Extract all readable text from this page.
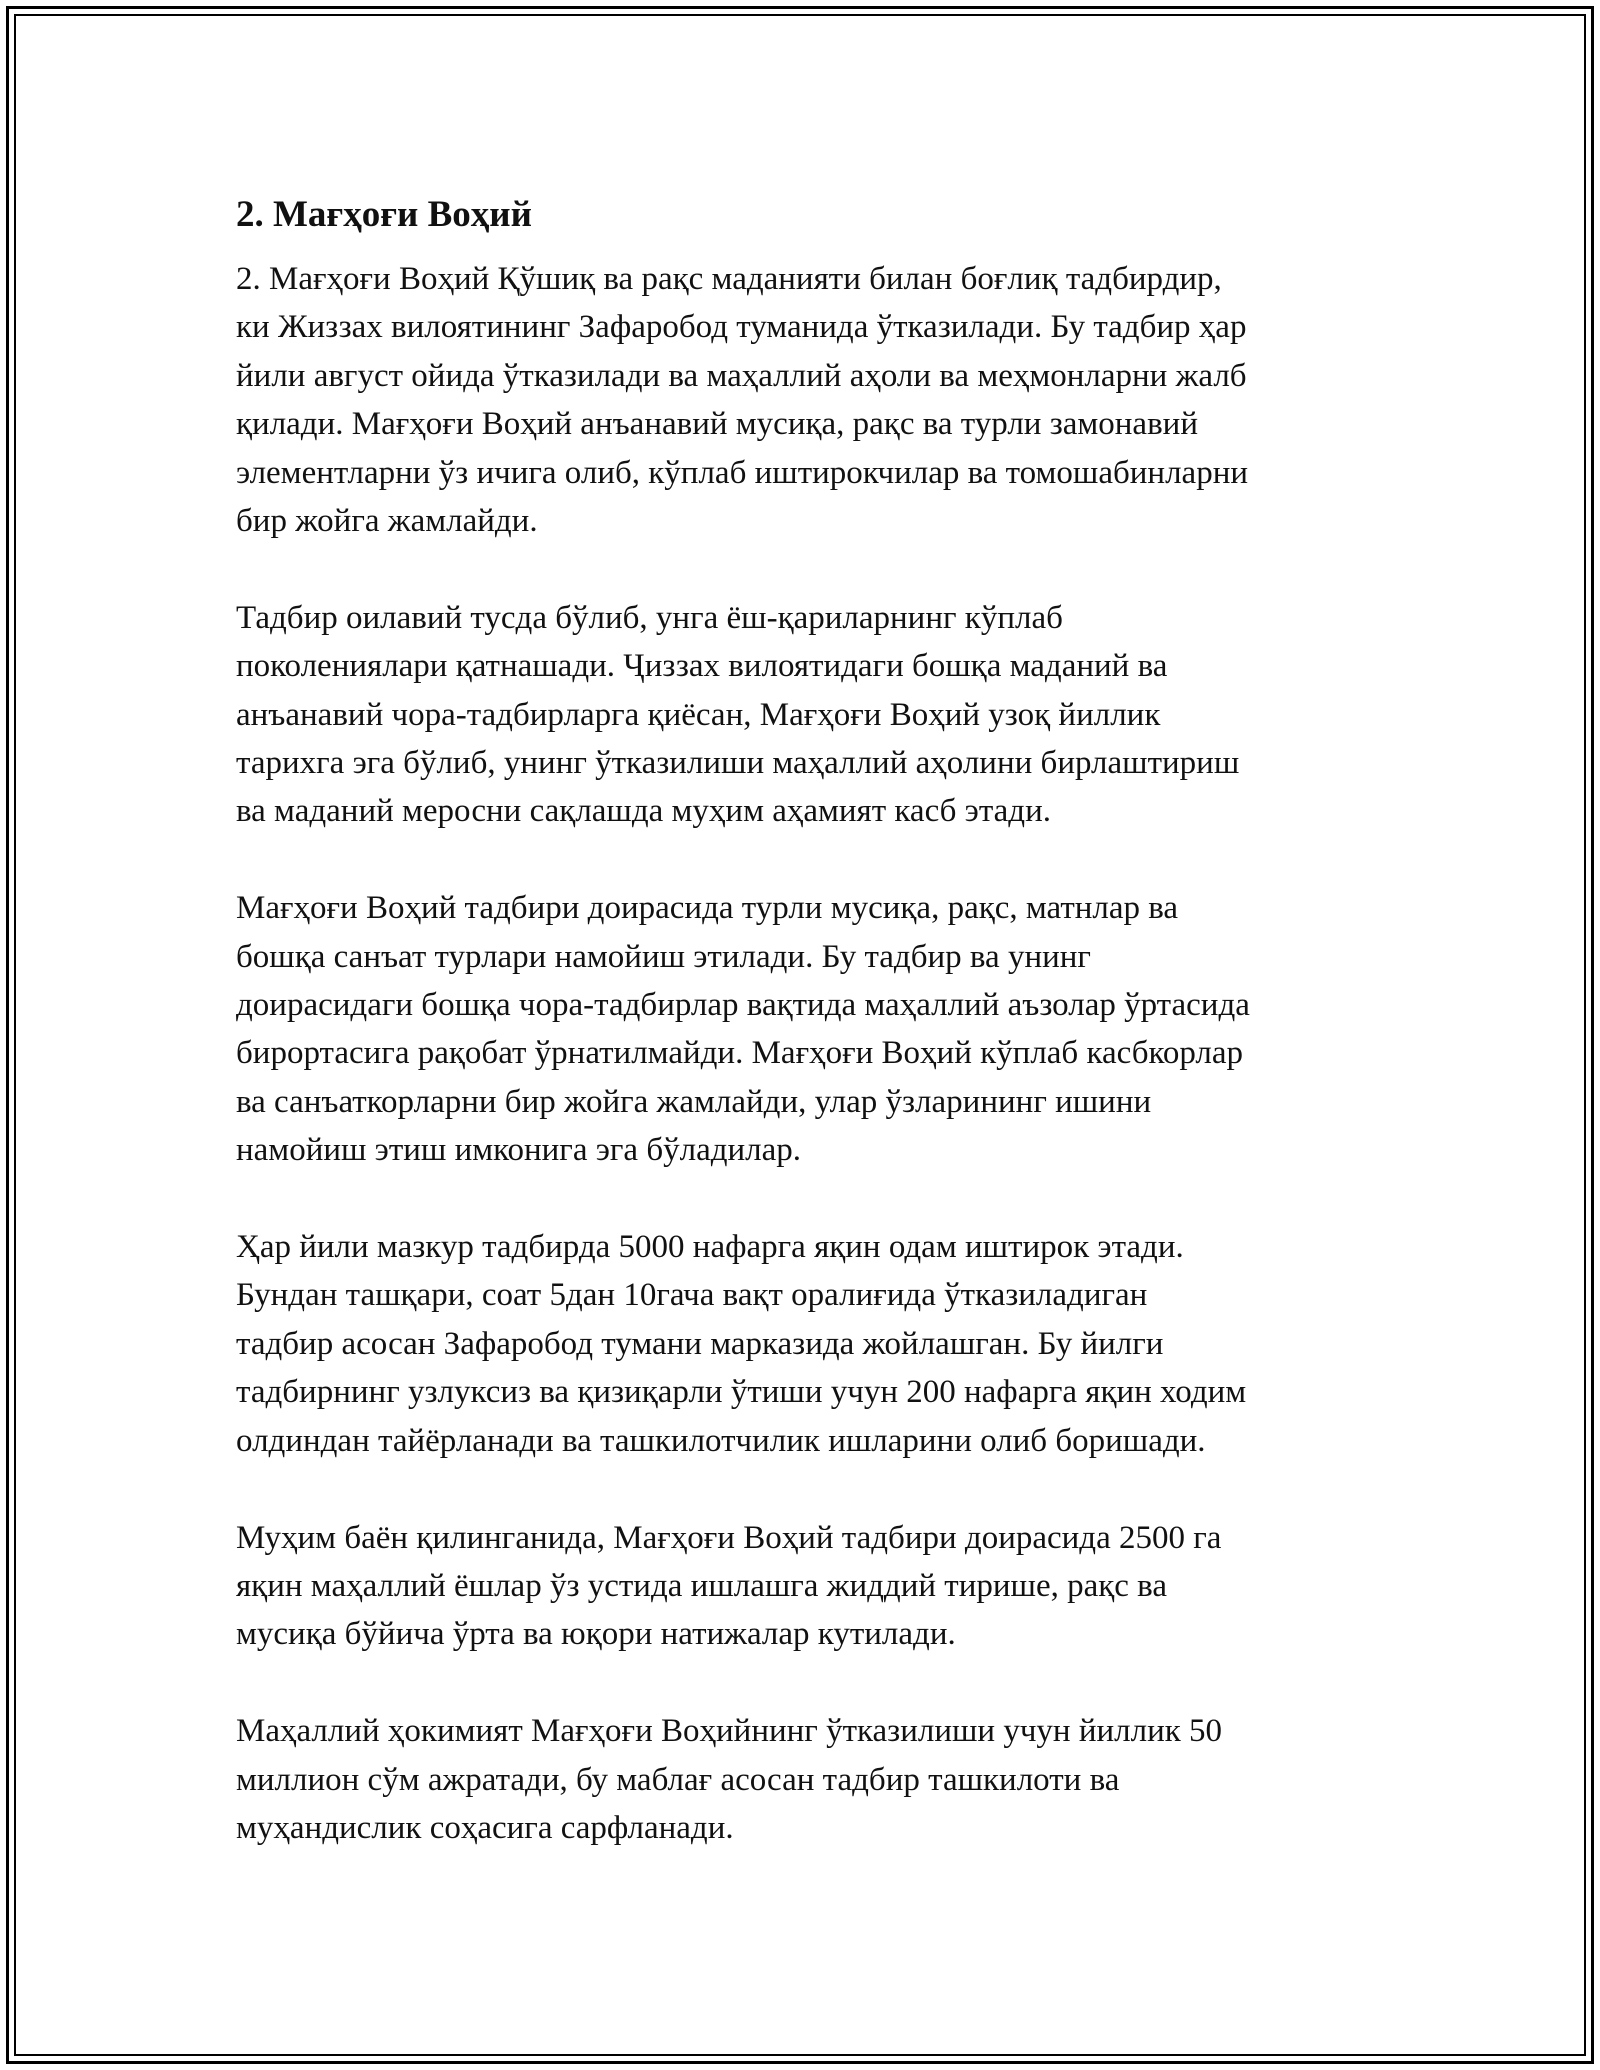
2. Мағҳоғи Воҳий

2. Мағҳоғи Воҳий Қўшиқ ва рақс маданияти билан боғлиқ тадбирдир,
ки Жиззах вилоятининг Зафаробод туманида ўтказилади. Бу тадбир ҳар
йили август ойида ўтказилади ва маҳаллий аҳоли ва меҳмонларни жалб
қилади. Мағҳоғи Воҳий анъанавий мусиқа, рақс ва турли замонавий
элементларни ўз ичига олиб, кўплаб иштирокчилар ва томошабинларни
бир жойга жамлайди.

Тадбир оилавий тусда бўлиб, унга ёш-қариларнинг кўплаб
поколениялари қатнашади. Ҷиззах вилоятидаги бошқа маданий ва
анъанавий чора-тадбирларга қиёсан, Мағҳоғи Воҳий узоқ йиллик
тарихга эга бўлиб, унинг ўтказилиши маҳаллий аҳолини бирлаштириш
ва маданий меросни сақлашда муҳим аҳамият касб этади.

Мағҳоғи Воҳий тадбири доирасида турли мусиқа, рақс, матнлар ва
бошқа санъат турлари намойиш этилади. Бу тадбир ва унинг
доирасидаги бошқа чора-тадбирлар вақтида маҳаллий аъзолар ўртасида
бирортасига рақобат ўрнатилмайди. Мағҳоғи Воҳий кўплаб касбкорлар
ва санъаткорларни бир жойга жамлайди, улар ўзларининг ишини
намойиш этиш имконига эга бўладилар.

Ҳар йили мазкур тадбирда 5000 нафарга яқин одам иштирок этади.
Бундан ташқари, соат 5дан 10гача вақт оралиғида ўтказиладиган
тадбир асосан Зафаробод тумани марказида жойлашган. Бу йилги
тадбирнинг узлуксиз ва қизиқарли ўтиши учун 200 нафарга яқин ходим
олдиндан тайёрланади ва ташкилотчилик ишларини олиб боришади.

Муҳим баён қилинганида, Мағҳоғи Воҳий тадбири доирасида 2500 га
яқин маҳаллий ёшлар ўз устида ишлашга жиддий тирише, рақс ва
мусиқа бўйича ўрта ва юқори натижалар кутилади.

Маҳаллий ҳокимият Мағҳоғи Воҳийнинг ўтказилиши учун йиллик 50
миллион сўм ажратади, бу маблағ асосан тадбир ташкилоти ва
муҳандислик соҳасига сарфланади.
